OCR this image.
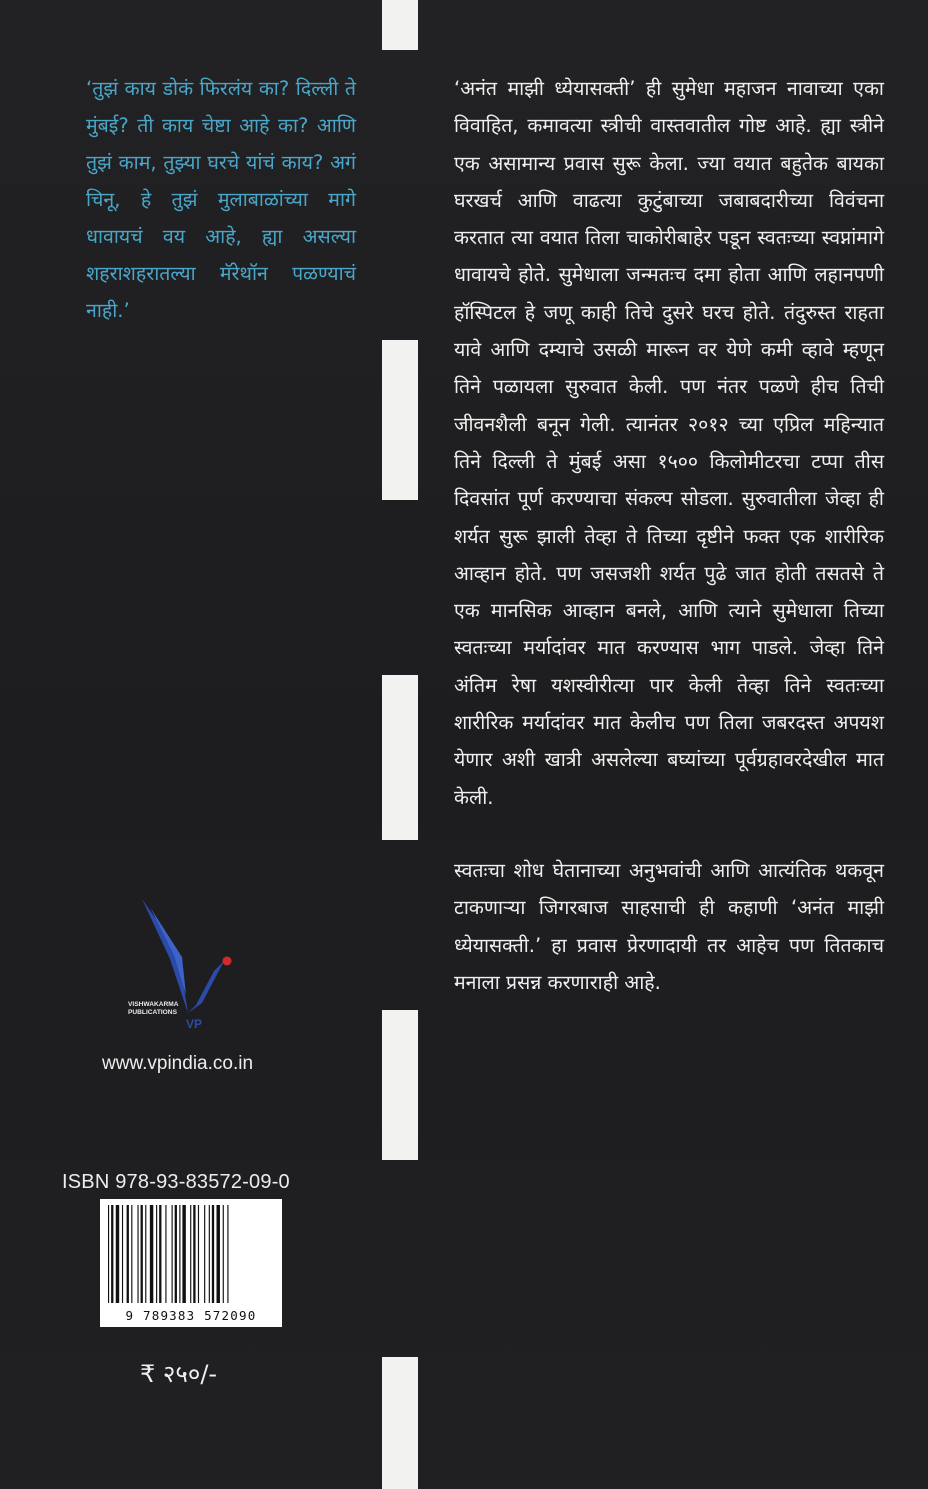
‘तुझं काय डोकं फिरलंय का? दिल्ली ते मुंबई? ती काय चेष्टा आहे का? आणि तुझं काम, तुझ्या घरचे यांचं काय? अगं चिनू, हे तुझं मुलाबाळांच्या मागे धावायचं वय आहे, ह्या असल्या शहराशहरातल्या मॅरेथॉन पळण्याचं नाही.’

‘अनंत माझी ध्येयासक्ती’ ही सुमेधा महाजन नावाच्या एका विवाहित, कमावत्या स्त्रीची वास्तवातील गोष्ट आहे. ह्या स्त्रीने एक असामान्य प्रवास सुरू केला. ज्या वयात बहुतेक बायका घरखर्च आणि वाढत्या कुटुंबाच्या जबाबदारीच्या विवंचना करतात त्या वयात तिला चाकोरीबाहेर पडून स्वतःच्या स्वप्नांमागे धावायचे होते. सुमेधाला जन्मतःच दमा होता आणि लहानपणी हॉस्पिटल हे जणू काही तिचे दुसरे घरच होते. तंदुरुस्त राहता यावे आणि दम्याचे उसळी मारून वर येणे कमी व्हावे म्हणून तिने पळायला सुरुवात केली. पण नंतर पळणे हीच तिची जीवनशैली बनून गेली. त्यानंतर २०१२ च्या एप्रिल महिन्यात तिने दिल्ली ते मुंबई असा १५०० किलोमीटरचा टप्पा तीस दिवसांत पूर्ण करण्याचा संकल्प सोडला. सुरुवातीला जेव्हा ही शर्यत सुरू झाली तेव्हा ते तिच्या दृष्टीने फक्त एक शारीरिक आव्हान होते. पण जसजशी शर्यत पुढे जात होती तसतसे ते एक मानसिक आव्हान बनले, आणि त्याने सुमेधाला तिच्या स्वतःच्या मर्यादांवर मात करण्यास भाग पाडले. जेव्हा तिने अंतिम रेषा यशस्वीरीत्या पार केली तेव्हा तिने स्वतःच्या शारीरिक मर्यादांवर मात केलीच पण तिला जबरदस्त अपयश येणार अशी खात्री असलेल्या बघ्यांच्या पूर्वग्रहावरदेखील मात केली.

स्वतःचा शोध घेतानाच्या अनुभवांची आणि आत्यंतिक थकवून टाकणाऱ्या जिगरबाज साहसाची ही कहाणी ‘अनंत माझी ध्येयासक्ती.’ हा प्रवास प्रेरणादायी तर आहेच पण तितकाच मनाला प्रसन्न करणाराही आहे.

VISHWAKARMA
PUBLICATIONS
VP
www.vpindia.co.in
ISBN 978-93-83572-09-0
9 789383 572090
₹ २५०/-
